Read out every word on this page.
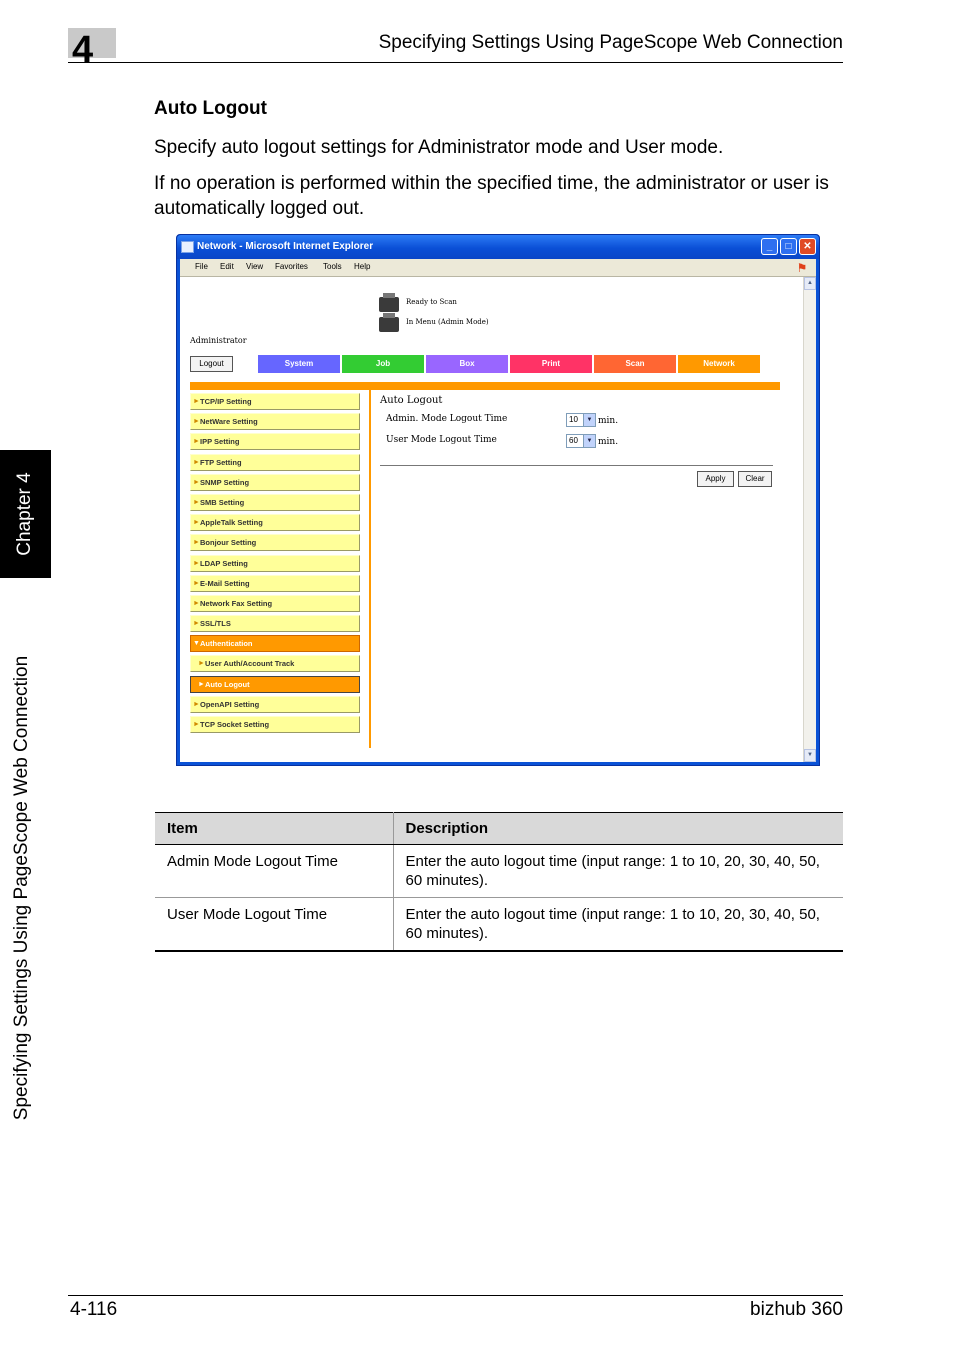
4	Specifying Settings Using PageScope Web Connection
Chapter 4
Specifying Settings Using PageScope Web Connection
Auto Logout
Specify auto logout settings for Administrator mode and User mode.
If no operation is performed within the specified time, the administrator or user is automatically logged out.
Network - Microsoft Internet Explorer	_	□	✕
File Edit View Favorites Tools Help	⚑
▲
▼
Ready to Scan
In Menu (Admin Mode)
Administrator
Logout	System	Job	Box	Print	Scan	Network
► TCP/IP Setting
► NetWare Setting
► IPP Setting
► FTP Setting
► SNMP Setting
► SMB Setting
► AppleTalk Setting
► Bonjour Setting
► LDAP Setting
► E-Mail Setting
► Network Fax Setting
► SSL/TLS
▼ Authentication
► User Auth/Account Track
► Auto Logout
► OpenAPI Setting
► TCP Socket Setting
Auto Logout
Admin. Mode Logout Time	10	▼ min.
User Mode Logout Time	60	▼ min.
Apply	Clear
Item	Description
Admin Mode Logout Time	Enter the auto logout time (input range: 1 to 10, 20, 30, 40, 50, 60 minutes).
User Mode Logout Time	Enter the auto logout time (input range: 1 to 10, 20, 30, 40, 50, 60 minutes).
4-116	bizhub 360
